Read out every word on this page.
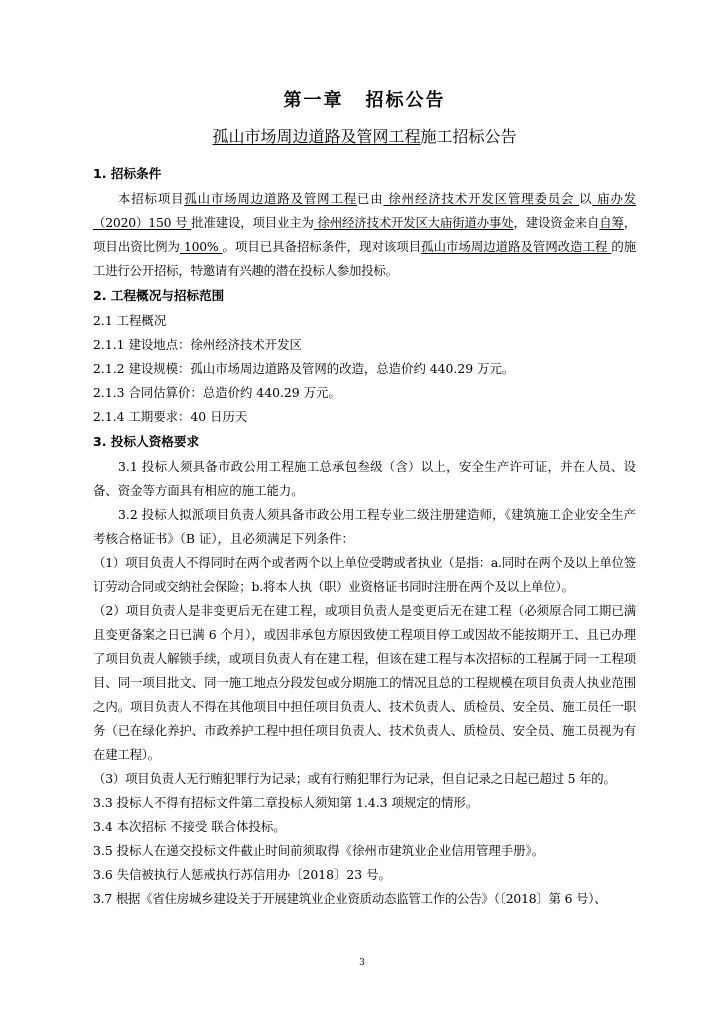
第一章 招标公告
孤山市场周边道路及管网工程施工招标公告

1. 招标条件

本招标项目孤山市场周边道路及管网工程已由 徐州经济技术开发区管理委员会 以 庙办发（2020）150 号 批准建设，项目业主为 徐州经济技术开发区大庙街道办事处，建设资金来自自筹，项目出资比例为 100% 。项目已具备招标条件，现对该项目孤山市场周边道路及管网改造工程 的施工进行公开招标，特邀请有兴趣的潜在投标人参加投标。

2. 工程概况与招标范围

2.1 工程概况

2.1.1 建设地点：徐州经济技术开发区

2.1.2 建设规模：孤山市场周边道路及管网的改造，总造价约 440.29 万元。

2.1.3 合同估算价：总造价约 440.29 万元。

2.1.4 工期要求：40 日历天

3. 投标人资格要求

3.1 投标人须具备市政公用工程施工总承包叁级（含）以上，安全生产许可证，并在人员、设备、资金等方面具有相应的施工能力。

3.2 投标人拟派项目负责人须具备市政公用工程专业二级注册建造师，《建筑施工企业安全生产考核合格证书》（B 证），且必须满足下列条件：

（1）项目负责人不得同时在两个或者两个以上单位受聘或者执业（是指：a.同时在两个及以上单位签订劳动合同或交纳社会保险；b.将本人执（职）业资格证书同时注册在两个及以上单位）。

（2）项目负责人是非变更后无在建工程，或项目负责人是变更后无在建工程（必须原合同工期已满且变更备案之日已满 6 个月），或因非承包方原因致使工程项目停工或因故不能按期开工、且已办理了项目负责人解锁手续，或项目负责人有在建工程，但该在建工程与本次招标的工程属于同一工程项目、同一项目批文、同一施工地点分段发包或分期施工的情况且总的工程规模在项目负责人执业范围之内。项目负责人不得在其他项目中担任项目负责人、技术负责人、质检员、安全员、施工员任一职务（已在绿化养护、市政养护工程中担任项目负责人、技术负责人、质检员、安全员、施工员视为有在建工程）。

（3）项目负责人无行贿犯罪行为记录；或有行贿犯罪行为记录，但自记录之日起已超过 5 年的。

3.3 投标人不得有招标文件第二章投标人须知第 1.4.3 项规定的情形。

3.4 本次招标 不接受 联合体投标。

3.5 投标人在递交投标文件截止时间前须取得《徐州市建筑业企业信用管理手册》。

3.6 失信被执行人惩戒执行苏信用办〔2018〕23 号。

3.7 根据《省住房城乡建设关于开展建筑业企业资质动态监管工作的公告》（〔2018〕第 6 号）、

3
